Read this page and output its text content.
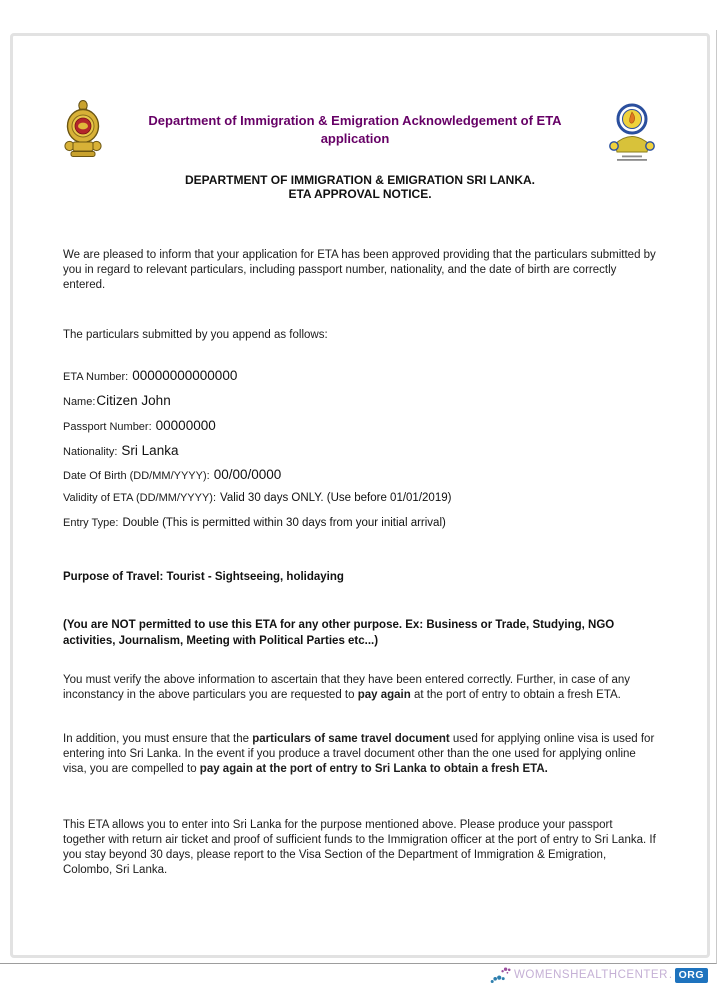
Department of Immigration & Emigration Acknowledgement of ETA
application
DEPARTMENT OF IMMIGRATION & EMIGRATION SRI LANKA.
ETA APPROVAL NOTICE.

We are pleased to inform that your application for ETA has been approved providing that the particulars submitted by you in regard to relevant particulars, including passport number, nationality, and the date of birth are correctly entered.

The particulars submitted by you append as follows:

ETA Number: 00000000000000
Name: Citizen John
Passport Number: 00000000
Nationality: Sri Lanka
Date Of Birth (DD/MM/YYYY): 00/00/0000
Validity of ETA (DD/MM/YYYY): Valid 30 days ONLY. (Use before 01/01/2019)
Entry Type: Double (This is permitted within 30 days from your initial arrival)

Purpose of Travel: Tourist - Sightseeing, holidaying

(You are NOT permitted to use this ETA for any other purpose. Ex: Business or Trade, Studying, NGO activities, Journalism, Meeting with Political Parties etc...)

You must verify the above information to ascertain that they have been entered correctly. Further, in case of any inconstancy in the above particulars you are requested to pay again at the port of entry to obtain a fresh ETA.

In addition, you must ensure that the particulars of same travel document used for applying online visa is used for entering into Sri Lanka. In the event if you produce a travel document other than the one used for applying online visa, you are compelled to pay again at the port of entry to Sri Lanka to obtain a fresh ETA.

This ETA allows you to enter into Sri Lanka for the purpose mentioned above. Please produce your passport together with return air ticket and proof of sufficient funds to the Immigration officer at the port of entry to Sri Lanka. If you stay beyond 30 days, please report to the Visa Section of the Department of Immigration & Emigration, Colombo, Sri Lanka.

WOMENSHEALTHCENTER . ORG
